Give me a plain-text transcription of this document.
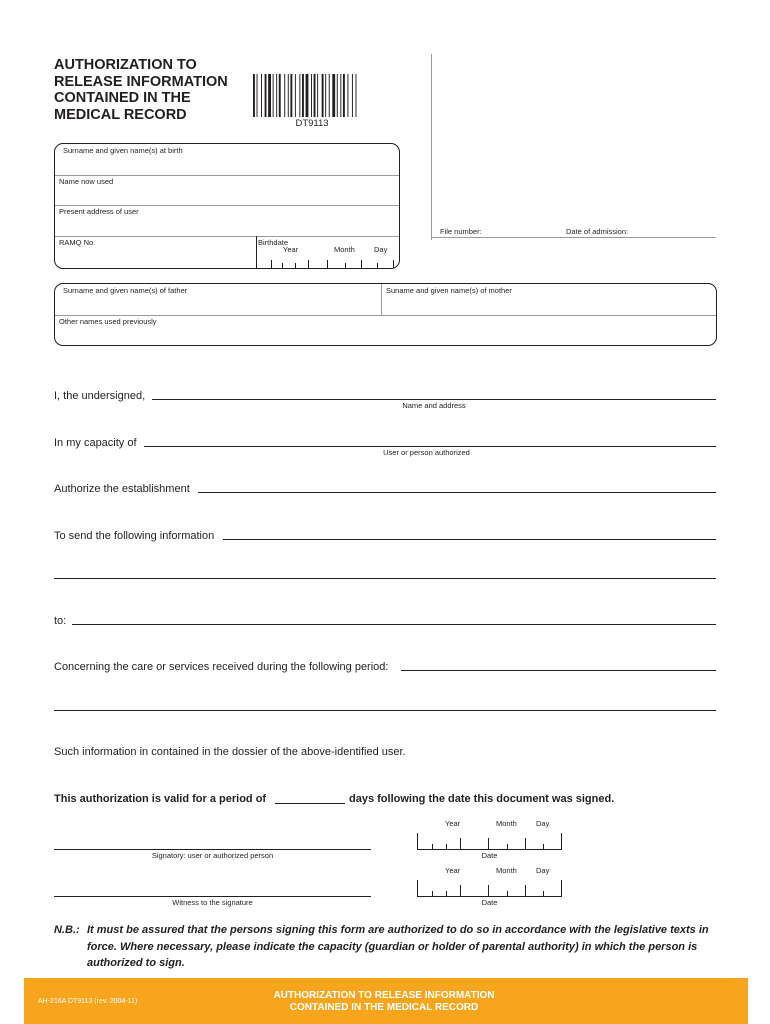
AUTHORIZATION TO
RELEASE INFORMATION
CONTAINED IN THE
MEDICAL RECORD
DT9113
File number:	Date of admission:
Surname and given name(s) at birth
Name now used
Present address of user
RAMQ No.	Birthdate
Year	Month	Day
Surname and given name(s) of father	Suname and given name(s) of mother
Other names used previously
I, the undersigned,
Name and address
In my capacity of
User or person authorized
Authorize the establishment
To send the following information
to:
Concerning the care or services received during the following period:
Such information in contained in the dossier of the above-identified user.
This authorization is valid for a period of	days following the date this document was signed.
Signatory: user or authorized person
Year	Month	Day
Date
Witness to the signature
Year	Month	Day
Date
N.B.: It must be assured that the persons signing this form are authorized to do so in accordance with the legislative texts in force. Where necessary, please indicate the capacity (guardian or holder of parental authority) in which the person is authorized to sign.
AH-216A DT9113 (rev. 2004-11)
AUTHORIZATION TO RELEASE INFORMATION
CONTAINED IN THE MEDICAL RECORD
